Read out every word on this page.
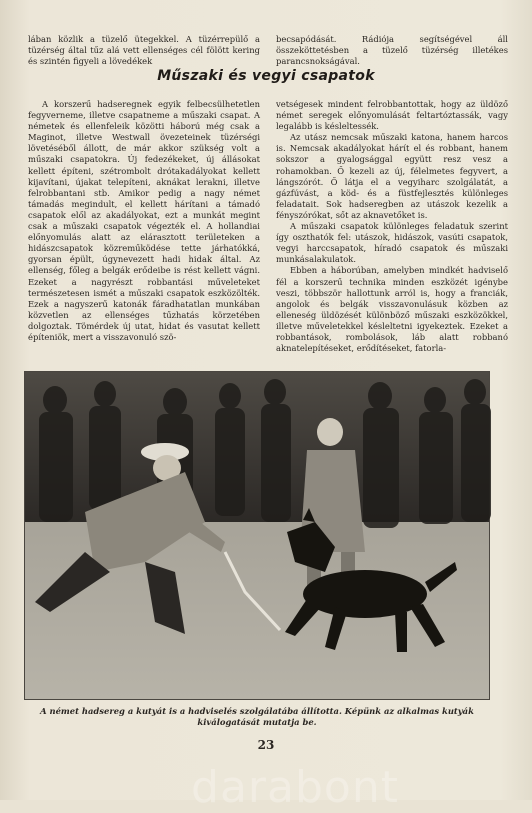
lában közlik a tüzelő ütegekkel. A tüzérrepülő a tüzérség által tűz alá vett ellenséges cél fölött kering és szintén figyeli a lövedékek

becsapódását. Rádiója segítségével áll összeköttetésben a tüzelő tüzérség illetékes parancsnokságával.

Műszaki és vegyi csapatok

A korszerű hadseregnek egyik felbecsülhetetlen fegyvernemе, illetve csapatneme a műszaki csapat. A németek és ellenfeleik közötti háború még csak a Maginot, illetve Westwall övezeteinek tüzérségi lövetéséből állott, de már akkor szükség volt a műszaki csapatokra. Új fedezékeket, új állásokat kellett építeni, szétrombolt drótakadályokat kellett kijavítani, újakat telepíteni, aknákat lerakni, illetve felrobbantani stb. Amikor pedig a nagy német támadás megindult, el kellett hárítani a támadó csapatok elől az akadályokat, ezt a munkát megint csak a műszaki csapatok végezték el. A hollandiai előnyomulás alatt az elárasztott területeken a hidászcsapatok közreműködése tette járhatókká, gyorsan épült, úgynevezett hadi hidak által. Az ellenség, főleg a belgák erődeibe is rést kellett vágni. Ezeket a nagyrészt robbantási műveleteket természetesen ismét a műszaki csapatok eszközölték. Ezek a nagyszerű katonák fáradhatatlan munkában közvetlen az ellenséges tűzhatás körzetében dolgoztak. Tömérdek új utat, hidat és vasutat kellett építeniök, mert a visszavonuló szö-

vetségesek mindent felrobbantottak, hogy az üldöző német seregek előnyomulását feltartóztassák, vagy legalább is késleltessék.

Az utász nemcsak műszaki katona, hanem harcos is. Nemcsak akadályokat hárít el és robbant, hanem sokszor a gyalogsággal együtt resz vesz a rohamokban. Ő kezeli az új, félelmetes fegyvert, a lángszórót. Ő látja el a vegyiharc szolgálatát, a gázfúvást, a köd- és a füstfejlesztés különleges feladatait. Sok hadseregben az utászok kezelik a fényszórókat, sőt az aknavetőket is.

A műszaki csapatok különleges feladatuk szerint így oszthatók fel: utászok, hidászok, vasúti csapatok, vegyi harccsapatok, híradó csapatok és műszaki munkásalakulatok.

Ebben a háborúban, amelyben mindkét hadviselő fél a korszerű technika minden eszközét igénybe veszi, többször hallottunk arról is, hogy a franciák, angolok és belgák visszavonulásuk közben az elleneség üldözését különböző műszaki eszközökkel, illetve műveletekkel késleltetni igyekeztek. Ezeket a robbantások, rombolások, láb alatt robbanó aknatelepítéseket, erődítéseket, fatorla-

darabont
A német hadsereg a kutyát is a hadviselés szolgálatába állította. Képünk az alkalmas kutyák kiválogatását mutatja be.
23
